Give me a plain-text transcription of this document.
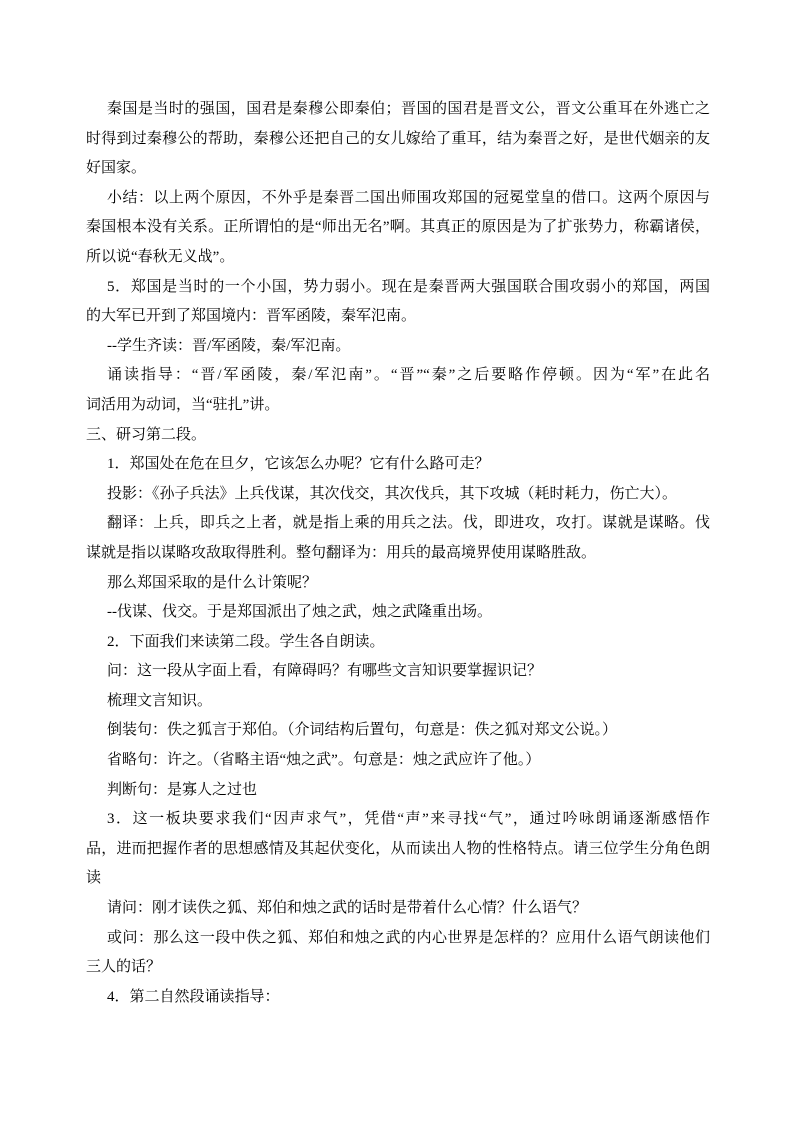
秦国是当时的强国，国君是秦穆公即秦伯；晋国的国君是晋文公，晋文公重耳在外逃亡之
时得到过秦穆公的帮助，秦穆公还把自己的女儿嫁给了重耳，结为秦晋之好，是世代姻亲的友
好国家。
小结：以上两个原因，不外乎是秦晋二国出师围攻郑国的冠冕堂皇的借口。这两个原因与
秦国根本没有关系。正所谓怕的是“师出无名”啊。其真正的原因是为了扩张势力，称霸诸侯，
所以说“春秋无义战”。
5．郑国是当时的一个小国，势力弱小。现在是秦晋两大强国联合围攻弱小的郑国，两国
的大军已开到了郑国境内：晋军函陵，秦军氾南。
--学生齐读：晋/军函陵，秦/军氾南。
诵读指导：“晋/军函陵，秦/军氾南”。“晋”“秦”之后要略作停顿。因为“军”在此名
词活用为动词，当“驻扎”讲。
三、研习第二段。
1．郑国处在危在旦夕，它该怎么办呢？它有什么路可走？
投影：《孙子兵法》上兵伐谋，其次伐交，其次伐兵，其下攻城（耗时耗力，伤亡大）。
翻译：上兵，即兵之上者，就是指上乘的用兵之法。伐，即进攻，攻打。谋就是谋略。伐
谋就是指以谋略攻敌取得胜利。整句翻译为：用兵的最高境界使用谋略胜敌。
那么郑国采取的是什么计策呢？
--伐谋、伐交。于是郑国派出了烛之武，烛之武隆重出场。
2．下面我们来读第二段。学生各自朗读。
问：这一段从字面上看，有障碍吗？有哪些文言知识要掌握识记？
梳理文言知识。
倒装句：佚之狐言于郑伯。（介词结构后置句，句意是：佚之狐对郑文公说。）
省略句：许之。（省略主语“烛之武”。句意是：烛之武应许了他。）
判断句：是寡人之过也
3．这一板块要求我们“因声求气”，凭借“声”来寻找“气”，通过吟咏朗诵逐渐感悟作
品，进而把握作者的思想感情及其起伏变化，从而读出人物的性格特点。请三位学生分角色朗
读
请问：刚才读佚之狐、郑伯和烛之武的话时是带着什么心情？什么语气？
或问：那么这一段中佚之狐、郑伯和烛之武的内心世界是怎样的？应用什么语气朗读他们
三人的话？
4．第二自然段诵读指导：
